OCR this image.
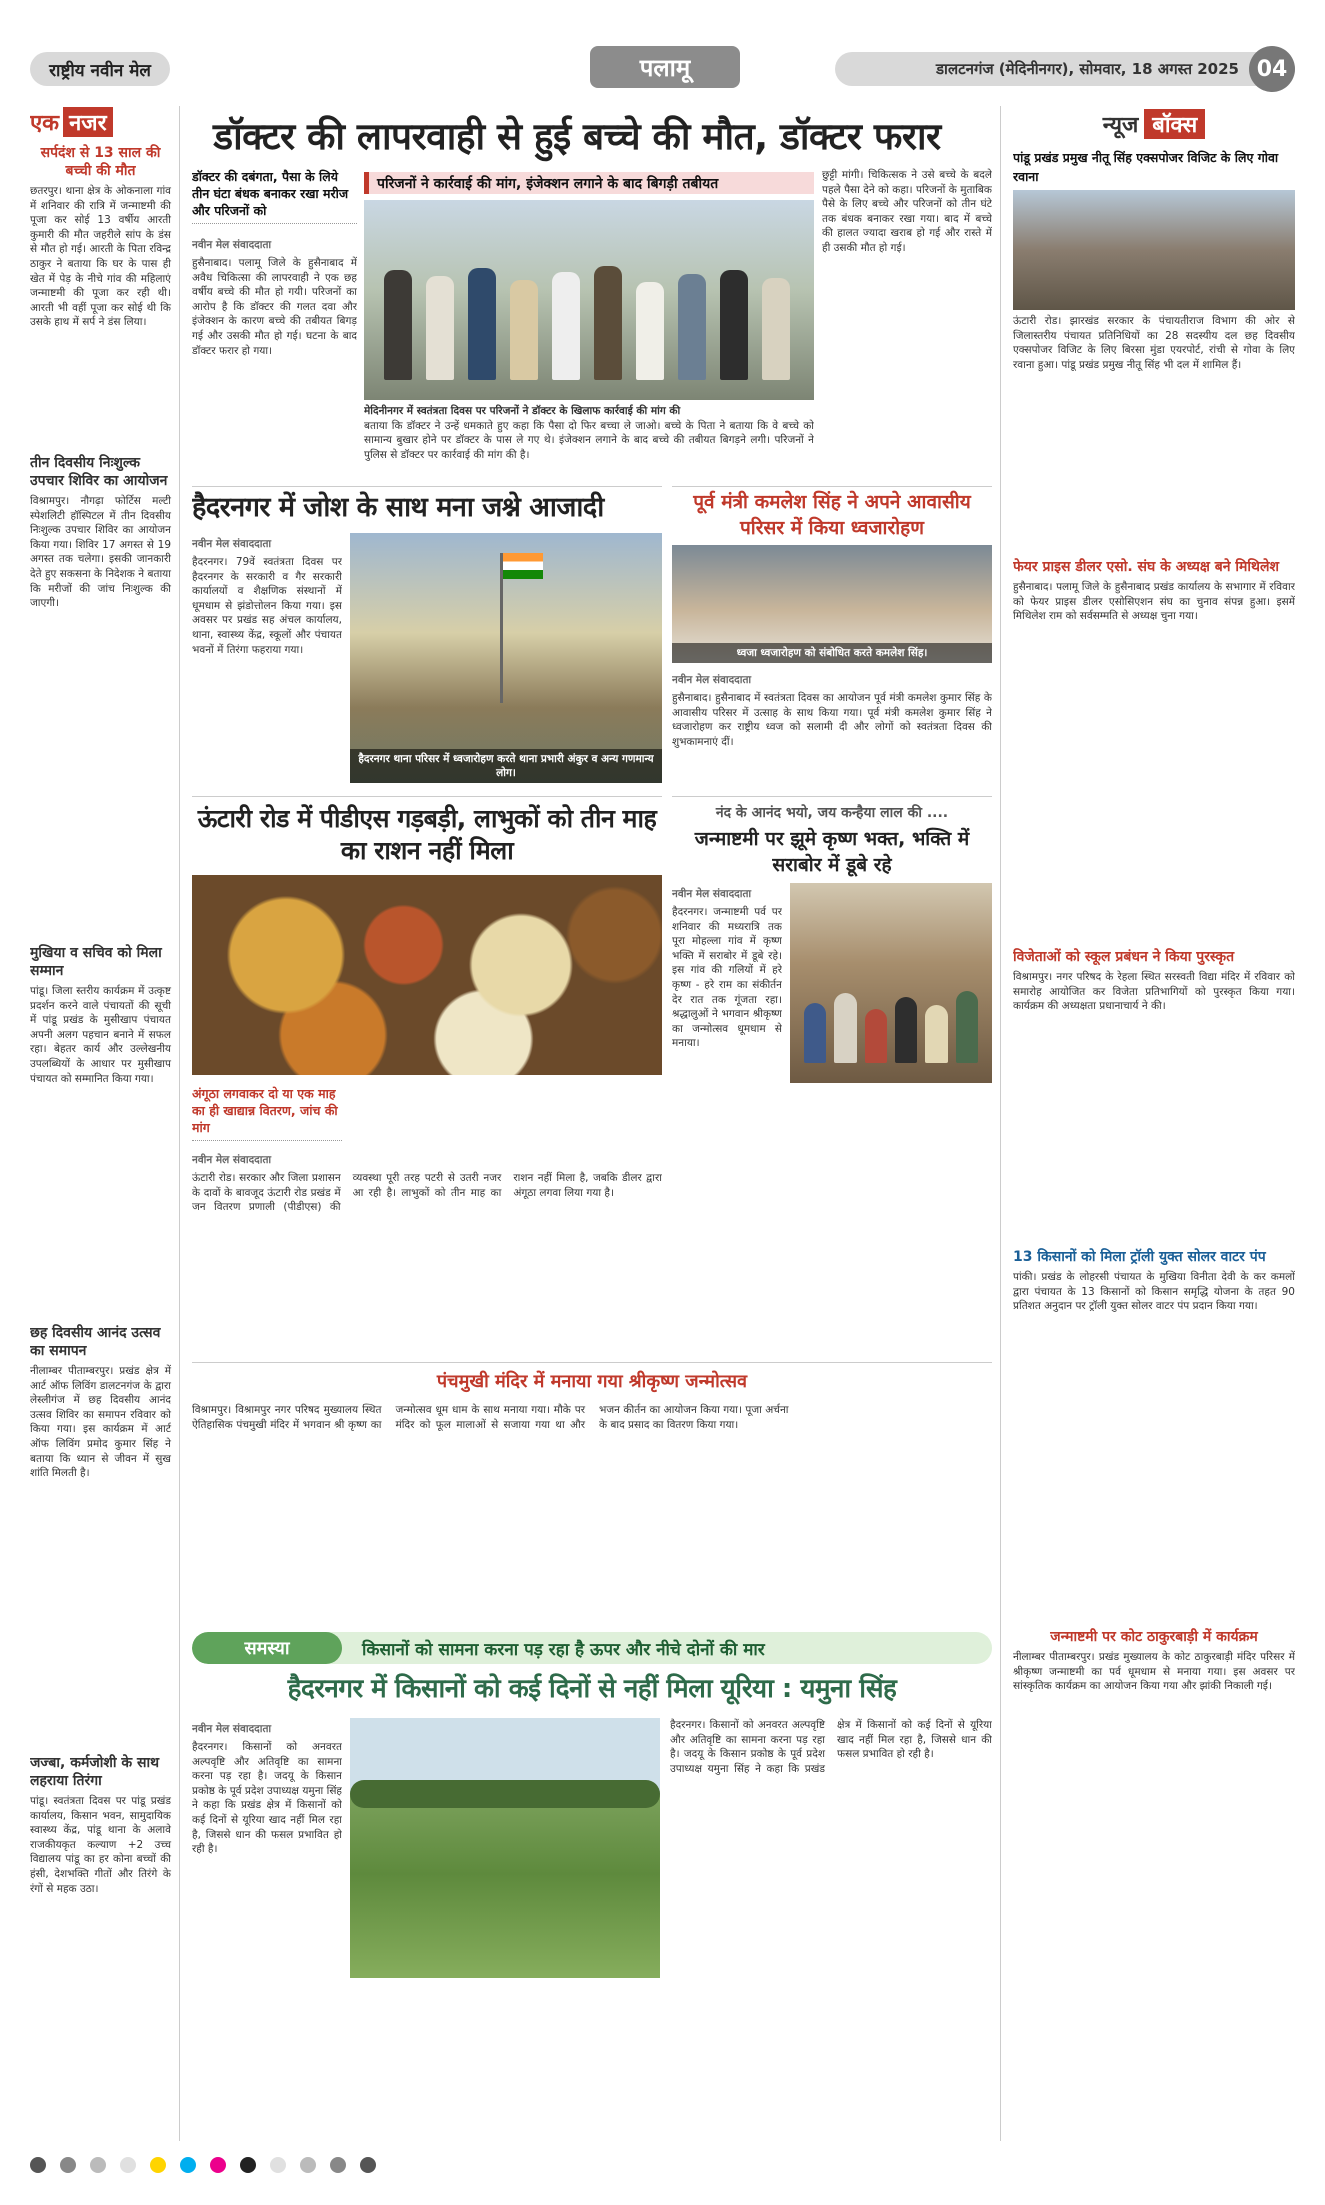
राष्ट्रीय नवीन मेल	पलामू	डालटनगंज (मेदिनीनगर), सोमवार, 18 अगस्त 2025 04
एक नजर
सर्पदंश से 13 साल की बच्ची की मौत
छतरपुर। थाना क्षेत्र के ओकनाला गांव में शनिवार की रात्रि में जन्माष्टमी की पूजा कर सोई 13 वर्षीय आरती कुमारी की मौत जहरीले सांप के डंस से मौत हो गई। आरती के पिता रविन्द्र ठाकुर ने बताया कि घर के पास ही खेत में पेड़ के नीचे गांव की महिलाएं जन्माष्टमी की पूजा कर रही थी। आरती भी वहीं पूजा कर सोई थी कि उसके हाथ में सर्प ने डंस लिया।
तीन दिवसीय निःशुल्क उपचार शिविर का आयोजन
विश्रामपुर। नौगढ़ा फोर्टिस मल्टी स्पेशलिटी हॉस्पिटल में तीन दिवसीय निःशुल्क उपचार शिविर का आयोजन किया गया। शिविर 17 अगस्त से 19 अगस्त तक चलेगा। इसकी जानकारी देते हुए सकसना के निदेशक ने बताया कि मरीजों की जांच निःशुल्क की जाएगी।
मुखिया व सचिव को मिला सम्मान
पांडू। जिला स्तरीय कार्यक्रम में उत्कृष्ट प्रदर्शन करने वाले पंचायतों की सूची में पांडू प्रखंड के मुसीखाप पंचायत अपनी अलग पहचान बनाने में सफल रहा। बेहतर कार्य और उल्लेखनीय उपलब्धियों के आधार पर मुसीखाप पंचायत को सम्मानित किया गया।
छह दिवसीय आनंद उत्सव का समापन
नीलाम्बर पीताम्बरपुर। प्रखंड क्षेत्र में आर्ट ऑफ लिविंग डालटनगंज के द्वारा लेस्लीगंज में छह दिवसीय आनंद उत्सव शिविर का समापन रविवार को किया गया। इस कार्यक्रम में आर्ट ऑफ लिविंग प्रमोद कुमार सिंह ने बताया कि ध्यान से जीवन में सुख शांति मिलती है।
जज्बा, कर्मजोशी के साथ लहराया तिरंगा
पांडू। स्वतंत्रता दिवस पर पांडू प्रखंड कार्यालय, किसान भवन, सामुदायिक स्वास्थ्य केंद्र, पांडू थाना के अलावे राजकीयकृत कल्याण +2 उच्च विद्यालय पांडू का हर कोना बच्चों की हंसी, देशभक्ति गीतों और तिरंगे के रंगों से महक उठा।
डॉक्टर की लापरवाही से हुई बच्चे की मौत, डॉक्टर फरार
डॉक्टर की दबंगता, पैसा के लिये तीन घंटा बंधक बनाकर रखा मरीज और परिजनों को
परिजनों ने कार्रवाई की मांग, इंजेक्शन लगाने के बाद बिगड़ी तबीयत
नवीन मेल संवाददाता
हुसैनाबाद। पलामू जिले के हुसैनाबाद में अवैध चिकित्सा की लापरवाही ने एक छह वर्षीय बच्चे की मौत हो गयी। परिजनों का आरोप है कि डॉक्टर की गलत दवा और इंजेक्शन के कारण बच्चे की तबीयत बिगड़ गई और उसकी मौत हो गई। घटना के बाद डॉक्टर फरार हो गया।
मेदिनीनगर में स्वतंत्रता दिवस पर परिजनों ने डॉक्टर के खिलाफ कार्रवाई की मांग की
बताया कि डॉक्टर ने उन्हें धमकाते हुए कहा कि पैसा दो फिर बच्चा ले जाओ। बच्चे के पिता ने बताया कि वे बच्चे को सामान्य बुखार होने पर डॉक्टर के पास ले गए थे। इंजेक्शन लगाने के बाद बच्चे की तबीयत बिगड़ने लगी। परिजनों ने पुलिस से डॉक्टर पर कार्रवाई की मांग की है।
छुट्टी मांगी। चिकित्सक ने उसे बच्चे के बदले पहले पैसा देने को कहा। परिजनों के मुताबिक पैसे के लिए बच्चे और परिजनों को तीन घंटे तक बंधक बनाकर रखा गया। बाद में बच्चे की हालत ज्यादा खराब हो गई और रास्ते में ही उसकी मौत हो गई।
हैदरनगर में जोश के साथ मना जश्ने आजादी
नवीन मेल संवाददाता
हैदरनगर। 79वें स्वतंत्रता दिवस पर हैदरनगर के सरकारी व गैर सरकारी कार्यालयों व शैक्षणिक संस्थानों में धूमधाम से झंडोत्तोलन किया गया। इस अवसर पर प्रखंड सह अंचल कार्यालय, थाना, स्वास्थ्य केंद्र, स्कूलों और पंचायत भवनों में तिरंगा फहराया गया।
हैदरनगर थाना परिसर में ध्वजारोहण करते थाना प्रभारी अंकुर व अन्य गणमान्य लोग।
पूर्व मंत्री कमलेश सिंह ने अपने आवासीय परिसर में किया ध्वजारोहण
ध्वजा ध्वजारोहण को संबोधित करते कमलेश सिंह।
नवीन मेल संवाददाता
हुसैनाबाद। हुसैनाबाद में स्वतंत्रता दिवस का आयोजन पूर्व मंत्री कमलेश कुमार सिंह के आवासीय परिसर में उत्साह के साथ किया गया। पूर्व मंत्री कमलेश कुमार सिंह ने ध्वजारोहण कर राष्ट्रीय ध्वज को सलामी दी और लोगों को स्वतंत्रता दिवस की शुभकामनाएं दीं।
ऊंटारी रोड में पीडीएस गड़बड़ी, लाभुकों को तीन माह का राशन नहीं मिला
अंगूठा लगवाकर दो या एक माह का ही खाद्यान्न वितरण, जांच की मांग
नवीन मेल संवाददाता
ऊंटारी रोड। सरकार और जिला प्रशासन के दावों के बावजूद ऊंटारी रोड प्रखंड में जन वितरण प्रणाली (पीडीएस) की व्यवस्था पूरी तरह पटरी से उतरी नजर आ रही है। लाभुकों को तीन माह का राशन नहीं मिला है, जबकि डीलर द्वारा अंगूठा लगवा लिया गया है।
नंद के आनंद भयो, जय कन्हैया लाल की ....
जन्माष्टमी पर झूमे कृष्ण भक्त, भक्ति में सराबोर में डूबे रहे
नवीन मेल संवाददाता
हैदरनगर। जन्माष्टमी पर्व पर शनिवार की मध्यरात्रि तक पूरा मोहल्ला गांव में कृष्ण भक्ति में सराबोर में डूबे रहे। इस गांव की गलियों में हरे कृष्ण - हरे राम का संकीर्तन देर रात तक गूंजता रहा। श्रद्धालुओं ने भगवान श्रीकृष्ण का जन्मोत्सव धूमधाम से मनाया।
पंचमुखी मंदिर में मनाया गया श्रीकृष्ण जन्मोत्सव
विश्रामपुर। विश्रामपुर नगर परिषद मुख्यालय स्थित ऐतिहासिक पंचमुखी मंदिर में भगवान श्री कृष्ण का जन्मोत्सव धूम धाम के साथ मनाया गया। मौके पर मंदिर को फूल मालाओं से सजाया गया था और भजन कीर्तन का आयोजन किया गया। पूजा अर्चना के बाद प्रसाद का वितरण किया गया।
समस्या	किसानों को सामना करना पड़ रहा है ऊपर और नीचे दोनों की मार
हैदरनगर में किसानों को कई दिनों से नहीं मिला यूरिया : यमुना सिंह
नवीन मेल संवाददाता
हैदरनगर। किसानों को अनवरत अल्पवृष्टि और अतिवृष्टि का सामना करना पड़ रहा है। जदयू के किसान प्रकोष्ठ के पूर्व प्रदेश उपाध्यक्ष यमुना सिंह ने कहा कि प्रखंड क्षेत्र में किसानों को कई दिनों से यूरिया खाद नहीं मिल रहा है, जिससे धान की फसल प्रभावित हो रही है।
हैदरनगर। किसानों को अनवरत अल्पवृष्टि और अतिवृष्टि का सामना करना पड़ रहा है। जदयू के किसान प्रकोष्ठ के पूर्व प्रदेश उपाध्यक्ष यमुना सिंह ने कहा कि प्रखंड क्षेत्र में किसानों को कई दिनों से यूरिया खाद नहीं मिल रहा है, जिससे धान की फसल प्रभावित हो रही है।
न्यूज बॉक्स
पांडू प्रखंड प्रमुख नीतू सिंह एक्सपोजर विजिट के लिए गोवा रवाना
ऊंटारी रोड। झारखंड सरकार के पंचायतीराज विभाग की ओर से जिलास्तरीय पंचायत प्रतिनिधियों का 28 सदस्यीय दल छह दिवसीय एक्सपोजर विजिट के लिए बिरसा मुंडा एयरपोर्ट, रांची से गोवा के लिए रवाना हुआ। पांडू प्रखंड प्रमुख नीतू सिंह भी दल में शामिल हैं।
फेयर प्राइस डीलर एसो. संघ के अध्यक्ष बने मिथिलेश
हुसैनाबाद। पलामू जिले के हुसैनाबाद प्रखंड कार्यालय के सभागार में रविवार को फेयर प्राइस डीलर एसोसिएशन संघ का चुनाव संपन्न हुआ। इसमें मिथिलेश राम को सर्वसम्मति से अध्यक्ष चुना गया।
विजेताओं को स्कूल प्रबंधन ने किया पुरस्कृत
विश्रामपुर। नगर परिषद के रेहला स्थित सरस्वती विद्या मंदिर में रविवार को समारोह आयोजित कर विजेता प्रतिभागियों को पुरस्कृत किया गया। कार्यक्रम की अध्यक्षता प्रधानाचार्य ने की।
13 किसानों को मिला ट्रॉली युक्त सोलर वाटर पंप
पांकी। प्रखंड के लोहरसी पंचायत के मुखिया विनीता देवी के कर कमलों द्वारा पंचायत के 13 किसानों को किसान समृद्धि योजना के तहत 90 प्रतिशत अनुदान पर ट्रॉली युक्त सोलर वाटर पंप प्रदान किया गया।
जन्माष्टमी पर कोट ठाकुरबाड़ी में कार्यक्रम
नीलाम्बर पीताम्बरपुर। प्रखंड मुख्यालय के कोट ठाकुरबाड़ी मंदिर परिसर में श्रीकृष्ण जन्माष्टमी का पर्व धूमधाम से मनाया गया। इस अवसर पर सांस्कृतिक कार्यक्रम का आयोजन किया गया और झांकी निकाली गई।
